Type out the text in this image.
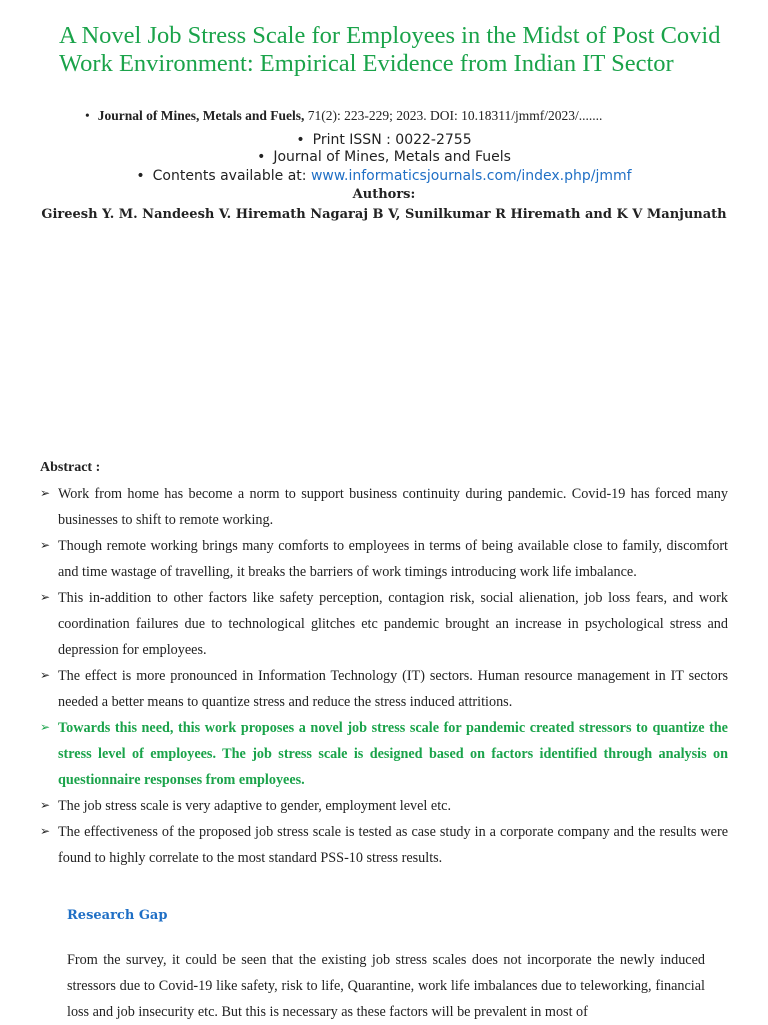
A Novel Job Stress Scale for Employees in the Midst of Post Covid Work Environment: Empirical Evidence from Indian IT Sector
• Journal of Mines, Metals and Fuels, 71(2): 223-229; 2023. DOI: 10.18311/jmmf/2023/.......
• Print ISSN : 0022-2755
• Journal of Mines, Metals and Fuels
• Contents available at: www.informaticsjournals.com/index.php/jmmf
Authors:
Gireesh Y. M. Nandeesh V. Hiremath Nagaraj B V, Sunilkumar R Hiremath and K V Manjunath
Abstract :
➢ Work from home has become a norm to support business continuity during pandemic. Covid-19 has forced many businesses to shift to remote working.
➢ Though remote working brings many comforts to employees in terms of being available close to family, discomfort and time wastage of travelling, it breaks the barriers of work timings introducing work life imbalance.
➢ This in-addition to other factors like safety perception, contagion risk, social alienation, job loss fears, and work coordination failures due to technological glitches etc pandemic brought an increase in psychological stress and depression for employees.
➢ The effect is more pronounced in Information Technology (IT) sectors. Human resource management in IT sectors needed a better means to quantize stress and reduce the stress induced attritions.
➢ Towards this need, this work proposes a novel job stress scale for pandemic created stressors to quantize the stress level of employees. The job stress scale is designed based on factors identified through analysis on questionnaire responses from employees.
➢ The job stress scale is very adaptive to gender, employment level etc.
➢ The effectiveness of the proposed job stress scale is tested as case study in a corporate company and the results were found to highly correlate to the most standard PSS-10 stress results.
Research Gap

From the survey, it could be seen that the existing job stress scales does not incorporate the newly induced stressors due to Covid-19 like safety, risk to life, Quarantine, work life imbalances due to teleworking, financial loss and job insecurity etc. But this is necessary as these factors will be prevalent in most of
